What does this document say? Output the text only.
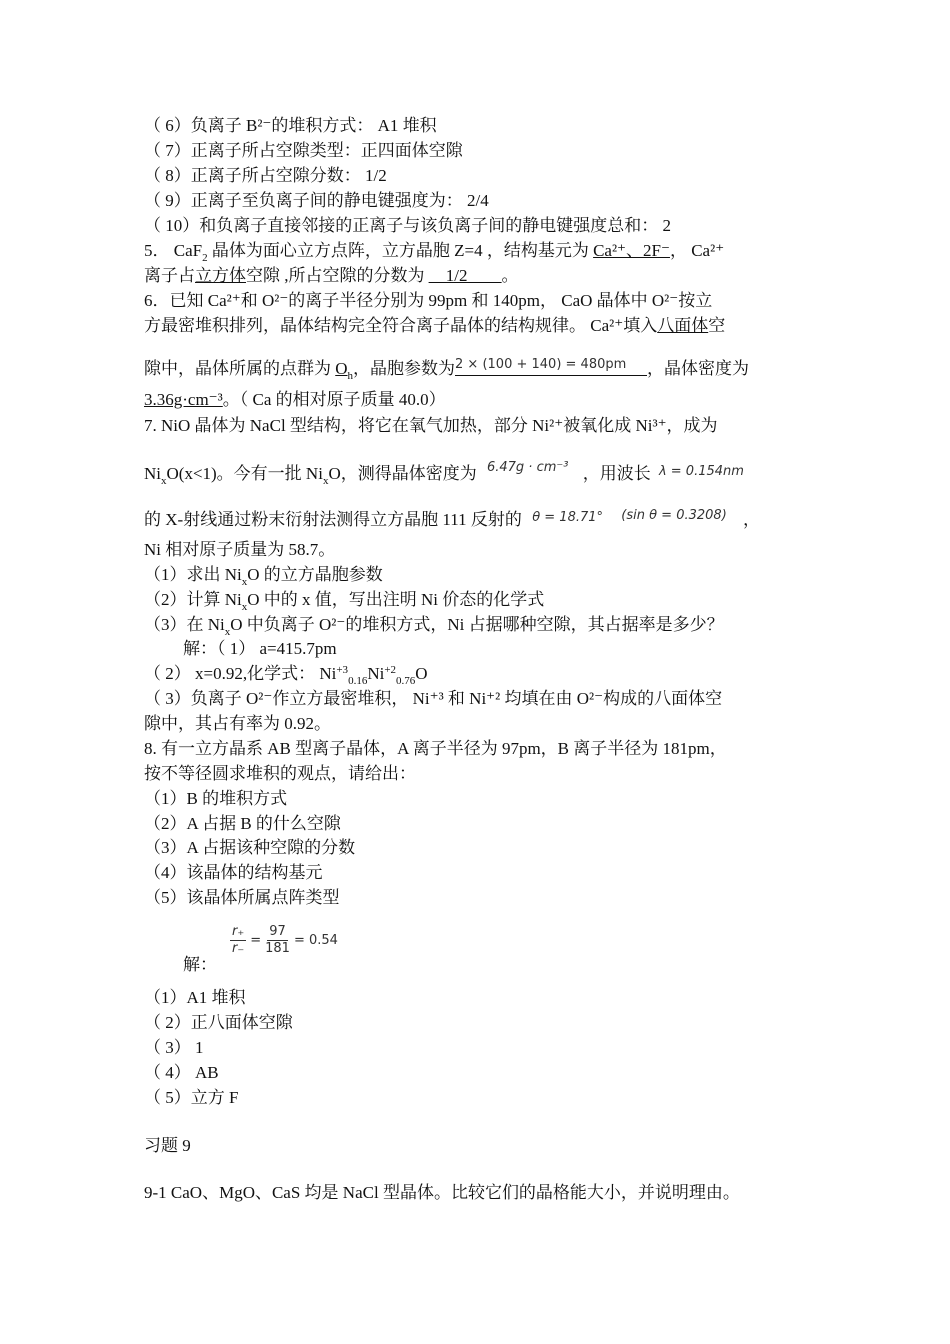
（ 6）负离子 B²⁻的堆积方式： A1 堆积
（ 7）正离子所占空隙类型：正四面体空隙
（ 8）正离子所占空隙分数： 1/2
（ 9）正离子至负离子间的静电键强度为： 2/4
（ 10）和负离子直接邻接的正离子与该负离子间的静电键强度总和： 2
5． CaF$_2$ 晶体为面心立方点阵，立方晶胞 Z=4 ，结构基元为 Ca²⁺、2F⁻， Ca²⁺
离子占立方体空隙 ,所占空隙的分数为 __1/2____。
6．已知 Ca²⁺和 O²⁻的离子半径分别为 99pm 和 140pm， CaO 晶体中 O²⁻按立
方最密堆积排列，晶体结构完全符合离子晶体的结构规律。 Ca²⁺填入八面体空
隙中，晶体所属的点群为 $O_h$，晶胞参数为2 × (100 + 140) = 480pm ，晶体密度为
3.36g·cm⁻³。（ Ca 的相对原子质量 40.0）
7. NiO 晶体为 NaCl 型结构，将它在氧气加热，部分 Ni²⁺被氧化成 Ni³⁺，成为
$Ni_xO(x<1)$。今有一批 $Ni_xO$，测得晶体密度为 $^{6.47g \cdot cm^{-3}}$ ，用波长 $^{\lambda = 0.154nm}$
的 X-射线通过粉末衍射法测得立方晶胞 111 反射的 $^{\theta = 18.71^\circ}$ $^{(sin \theta = 0.3208)}$ ，
Ni 相对原子质量为 58.7。
（1）求出 $Ni_xO$ 的立方晶胞参数
（2）计算 $Ni_xO$ 中的 x 值，写出注明 Ni 价态的化学式
（3）在 $Ni_xO$ 中负离子 O²⁻的堆积方式，Ni 占据哪种空隙，其占据率是多少？
解：（ 1） a=415.7pm
（ 2） x=0.92,化学式： $Ni^{+3}_{0.16}Ni^{+2}_{0.76}O$
（ 3）负离子 O²⁻作立方最密堆积， Ni⁺³ 和 Ni⁺² 均填在由 O²⁻构成的八面体空
隙中，其占有率为 0.92。
8. 有一立方晶系 AB 型离子晶体，A 离子半径为 97pm，B 离子半径为 181pm，
按不等径圆求堆积的观点，请给出：
（1）B 的堆积方式
（2）A 占据 B 的什么空隙
（3）A 占据该种空隙的分数
（4）该晶体的结构基元
（5）该晶体所属点阵类型
$\frac{r_+}{r_-} = \frac{97}{181} = 0.54$
解：
（1）A1 堆积
（ 2）正八面体空隙
（ 3） 1
（ 4） AB
（ 5）立方 F
习题 9
9-1 CaO、MgO、CaS 均是 NaCl 型晶体。比较它们的晶格能大小，并说明理由。
